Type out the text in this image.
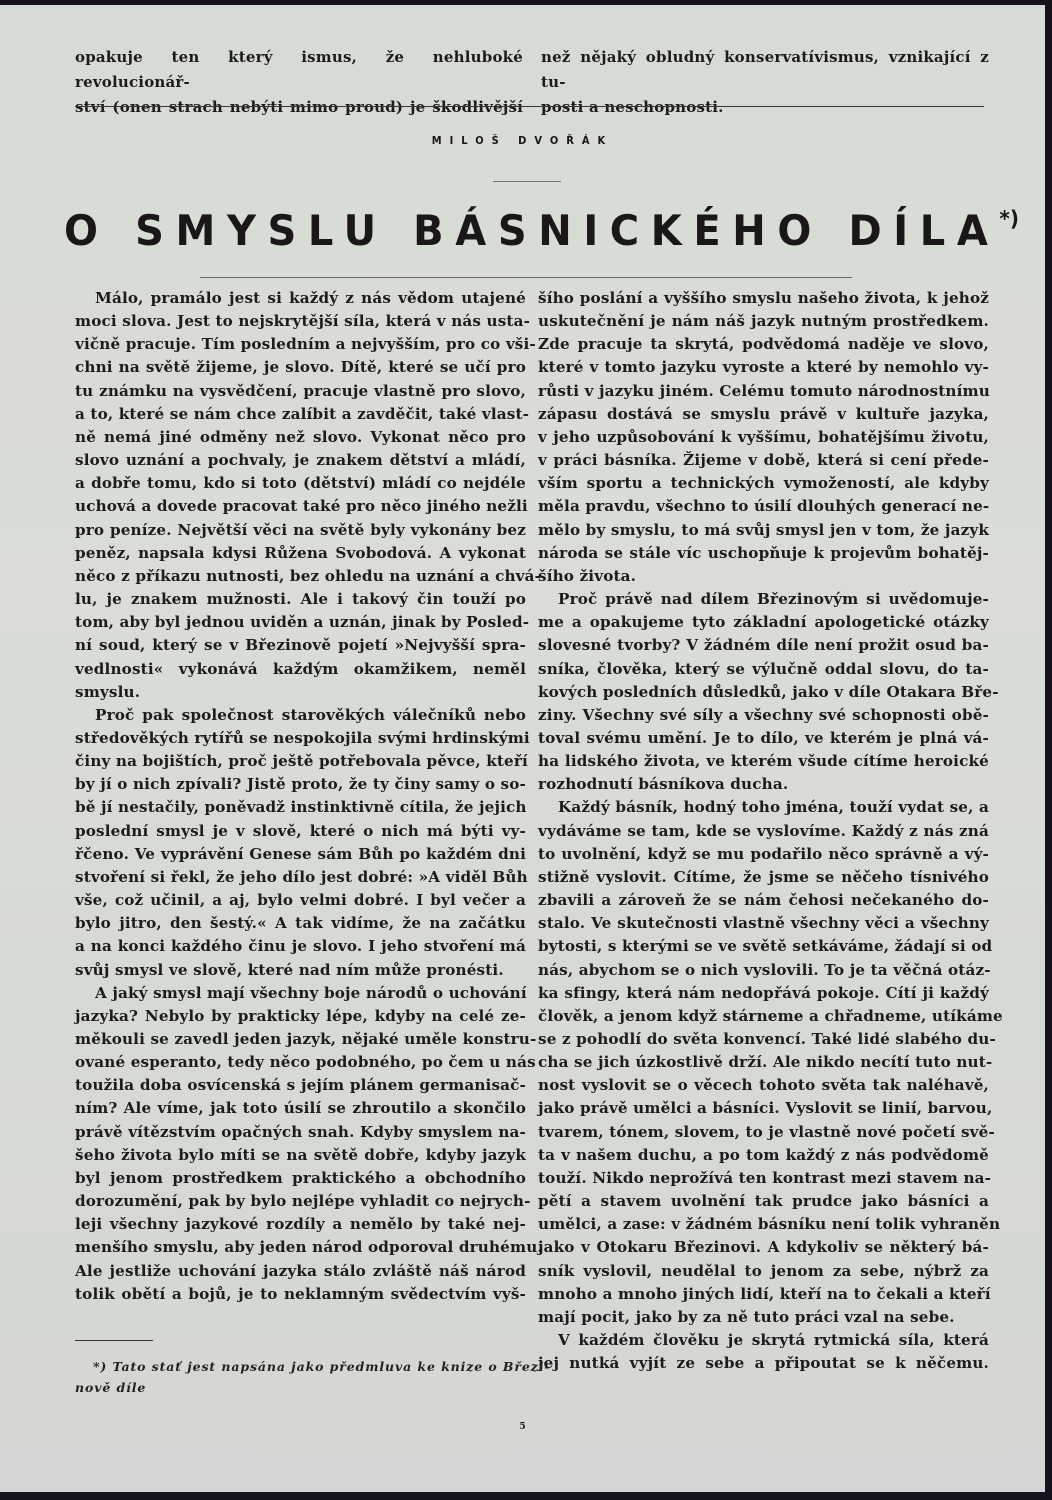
opakuje ten který ismus, že nehluboké revolucionář-

ství (onen strach nebýti mimo proud) je škodlivější

než nějaký obludný konservatívismus, vznikající z tu-

posti a neschopnosti.

MILOŠ DVOŘÁK
O SMYSLU BÁSNICKÉHO DÍLA*)
Málo, pramálo jest si každý z nás vědom utajené
moci slova. Jest to nejskrytější síla, která v nás usta-
vičně pracuje. Tím posledním a nejvyšším, pro co vši-
chni na světě žijeme, je slovo. Dítě, které se učí pro
tu známku na vysvědčení, pracuje vlastně pro slovo,
a to, které se nám chce zalíbit a zavděčit, také vlast-
ně nemá jiné odměny než slovo. Vykonat něco pro
slovo uznání a pochvaly, je znakem dětství a mládí,
a dobře tomu, kdo si toto (dětství) mládí co nejdéle
uchová a dovede pracovat také pro něco jiného nežli
pro peníze. Největší věci na světě byly vykonány bez
peněz, napsala kdysi Růžena Svobodová. A vykonat
něco z příkazu nutnosti, bez ohledu na uznání a chvá-
lu, je znakem mužnosti. Ale i takový čin touží po
tom, aby byl jednou uviděn a uznán, jinak by Posled-
ní soud, který se v Březinově pojetí »Nejvyšší spra-
vedlnosti« vykonává každým okamžikem, neměl
smyslu.
Proč pak společnost starověkých válečníků nebo
středověkých rytířů se nespokojila svými hrdinskými
činy na bojištích, proč ještě potřebovala pěvce, kteří
by jí o nich zpívali? Jistě proto, že ty činy samy o so-
bě jí nestačily, poněvadž instinktivně cítila, že jejich
poslední smysl je v slově, které o nich má býti vy-
řčeno. Ve vyprávění Genese sám Bůh po každém dni
stvoření si řekl, že jeho dílo jest dobré: »A viděl Bůh
vše, což učinil, a aj, bylo velmi dobré. I byl večer a
bylo jitro, den šestý.« A tak vidíme, že na začátku
a na konci každého činu je slovo. I jeho stvoření má
svůj smysl ve slově, které nad ním může pronésti.
A jaký smysl mají všechny boje národů o uchování
jazyka? Nebylo by prakticky lépe, kdyby na celé ze-
měkouli se zavedl jeden jazyk, nějaké uměle konstru-
ované esperanto, tedy něco podobného, po čem u nás
toužila doba osvícenská s jejím plánem germanisač-
ním? Ale víme, jak toto úsilí se zhroutilo a skončilo
právě vítězstvím opačných snah. Kdyby smyslem na-
šeho života bylo míti se na světě dobře, kdyby jazyk
byl jenom prostředkem praktického a obchodního
dorozumění, pak by bylo nejlépe vyhladit co nejrych-
leji všechny jazykové rozdíly a nemělo by také nej-
menšího smyslu, aby jeden národ odporoval druhému.
Ale jestliže uchování jazyka stálo zvláště náš národ
tolik obětí a bojů, je to neklamným svědectvím vyš-
šího poslání a vyššího smyslu našeho života, k jehož
uskutečnění je nám náš jazyk nutným prostředkem.
Zde pracuje ta skrytá, podvědomá naděje ve slovo,
které v tomto jazyku vyroste a které by nemohlo vy-
růsti v jazyku jiném. Celému tomuto národnostnímu
zápasu dostává se smyslu právě v kultuře jazyka,
v jeho uzpůsobování k vyššímu, bohatějšímu životu,
v práci básníka. Žijeme v době, která si cení přede-
vším sportu a technických vymožeností, ale kdyby
měla pravdu, všechno to úsilí dlouhých generací ne-
mělo by smyslu, to má svůj smysl jen v tom, že jazyk
národa se stále víc uschopňuje k projevům bohatěj-
šího života.
Proč právě nad dílem Březinovým si uvědomuje-
me a opakujeme tyto základní apologetické otázky
slovesné tvorby? V žádném díle není prožit osud ba-
sníka, člověka, který se výlučně oddal slovu, do ta-
kových posledních důsledků, jako v díle Otakara Bře-
ziny. Všechny své síly a všechny své schopnosti obě-
toval svému umění. Je to dílo, ve kterém je plná vá-
ha lidského života, ve kterém všude cítíme heroické
rozhodnutí básníkova ducha.
Každý básník, hodný toho jména, touží vydat se, a
vydáváme se tam, kde se vyslovíme. Každý z nás zná
to uvolnění, když se mu podařilo něco správně a vý-
stižně vyslovit. Cítíme, že jsme se něčeho tísnivého
zbavili a zároveň že se nám čehosi nečekaného do-
stalo. Ve skutečnosti vlastně všechny věci a všechny
bytosti, s kterými se ve světě setkáváme, žádají si od
nás, abychom se o nich vyslovili. To je ta věčná otáz-
ka sfingy, která nám nedopřává pokoje. Cítí ji každý
člověk, a jenom když stárneme a chřadneme, utíkáme
se z pohodlí do světa konvencí. Také lidé slabého du-
cha se jich úzkostlivě drží. Ale nikdo necítí tuto nut-
nost vyslovit se o věcech tohoto světa tak naléhavě,
jako právě umělci a básníci. Vyslovit se linií, barvou,
tvarem, tónem, slovem, to je vlastně nové početí svě-
ta v našem duchu, a po tom každý z nás podvědomě
touží. Nikdo neprožívá ten kontrast mezi stavem na-
pětí a stavem uvolnění tak prudce jako básníci a
umělci, a zase: v žádném básníku není tolik vyhraněn
jako v Otokaru Březinovi. A kdykoliv se některý bá-
sník vyslovil, neudělal to jenom za sebe, nýbrž za
mnoho a mnoho jiných lidí, kteří na to čekali a kteří
mají pocit, jako by za ně tuto práci vzal na sebe.
V každém člověku je skrytá rytmická síla, která
jej nutká vyjít ze sebe a připoutat se k něčemu.
*) Tato stať jest napsána jako předmluva ke knize o Březi-
nově díle
5
